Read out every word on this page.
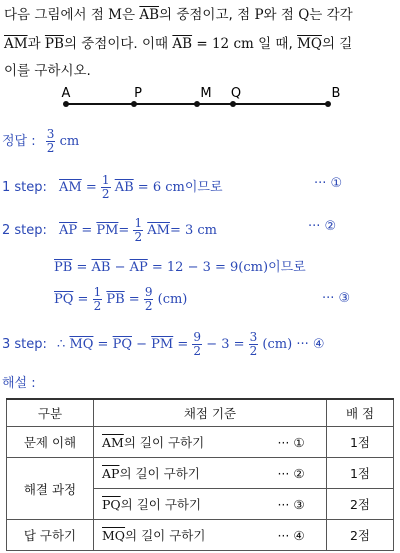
다음 그림에서 점 M은 $\overline{AB}$의 중점이고, 점 P와 점 Q는 각각
$\overline{AM}$과 $\overline{PB}$의 중점이다. 이때 $\overline{AB} = 12$ cm 일 때, $\overline{MQ}$의 길
이를 구하시오.
A	P	M Q	B
정답 : $\frac{3}{2}$ cm
1 step: $\overline{AM} = \frac{1}{2} \overline{AB} = 6$ cm이므로	··· ①
2 step: $\overline{AP} = \overline{PM}= \frac{1}{2} \overline{AM}= 3$ cm	··· ②
$\overline{PB} = \overline{AB} - \overline{AP} = 12 - 3 = 9(cm)$이므로
$\overline{PQ} = \frac{1}{2} \overline{PB} = \frac{9}{2} (cm)$	··· ③
3 step: ∴ $\overline{MQ} = \overline{PQ} - \overline{PM} = \frac{9}{2} - 3 = \frac{3}{2} (cm)$ ··· ④
해설 :
구분	채점 기준		배 점
문제 이해	$\overline{AM}$의 길이 구하기	··· ①	1점
해결 과정	$\overline{AP}$의 길이 구하기	··· ②	1점
	$\overline{PQ}$의 길이 구하기	··· ③	2점
답 구하기	$\overline{MQ}$의 길이 구하기	··· ④	2점
